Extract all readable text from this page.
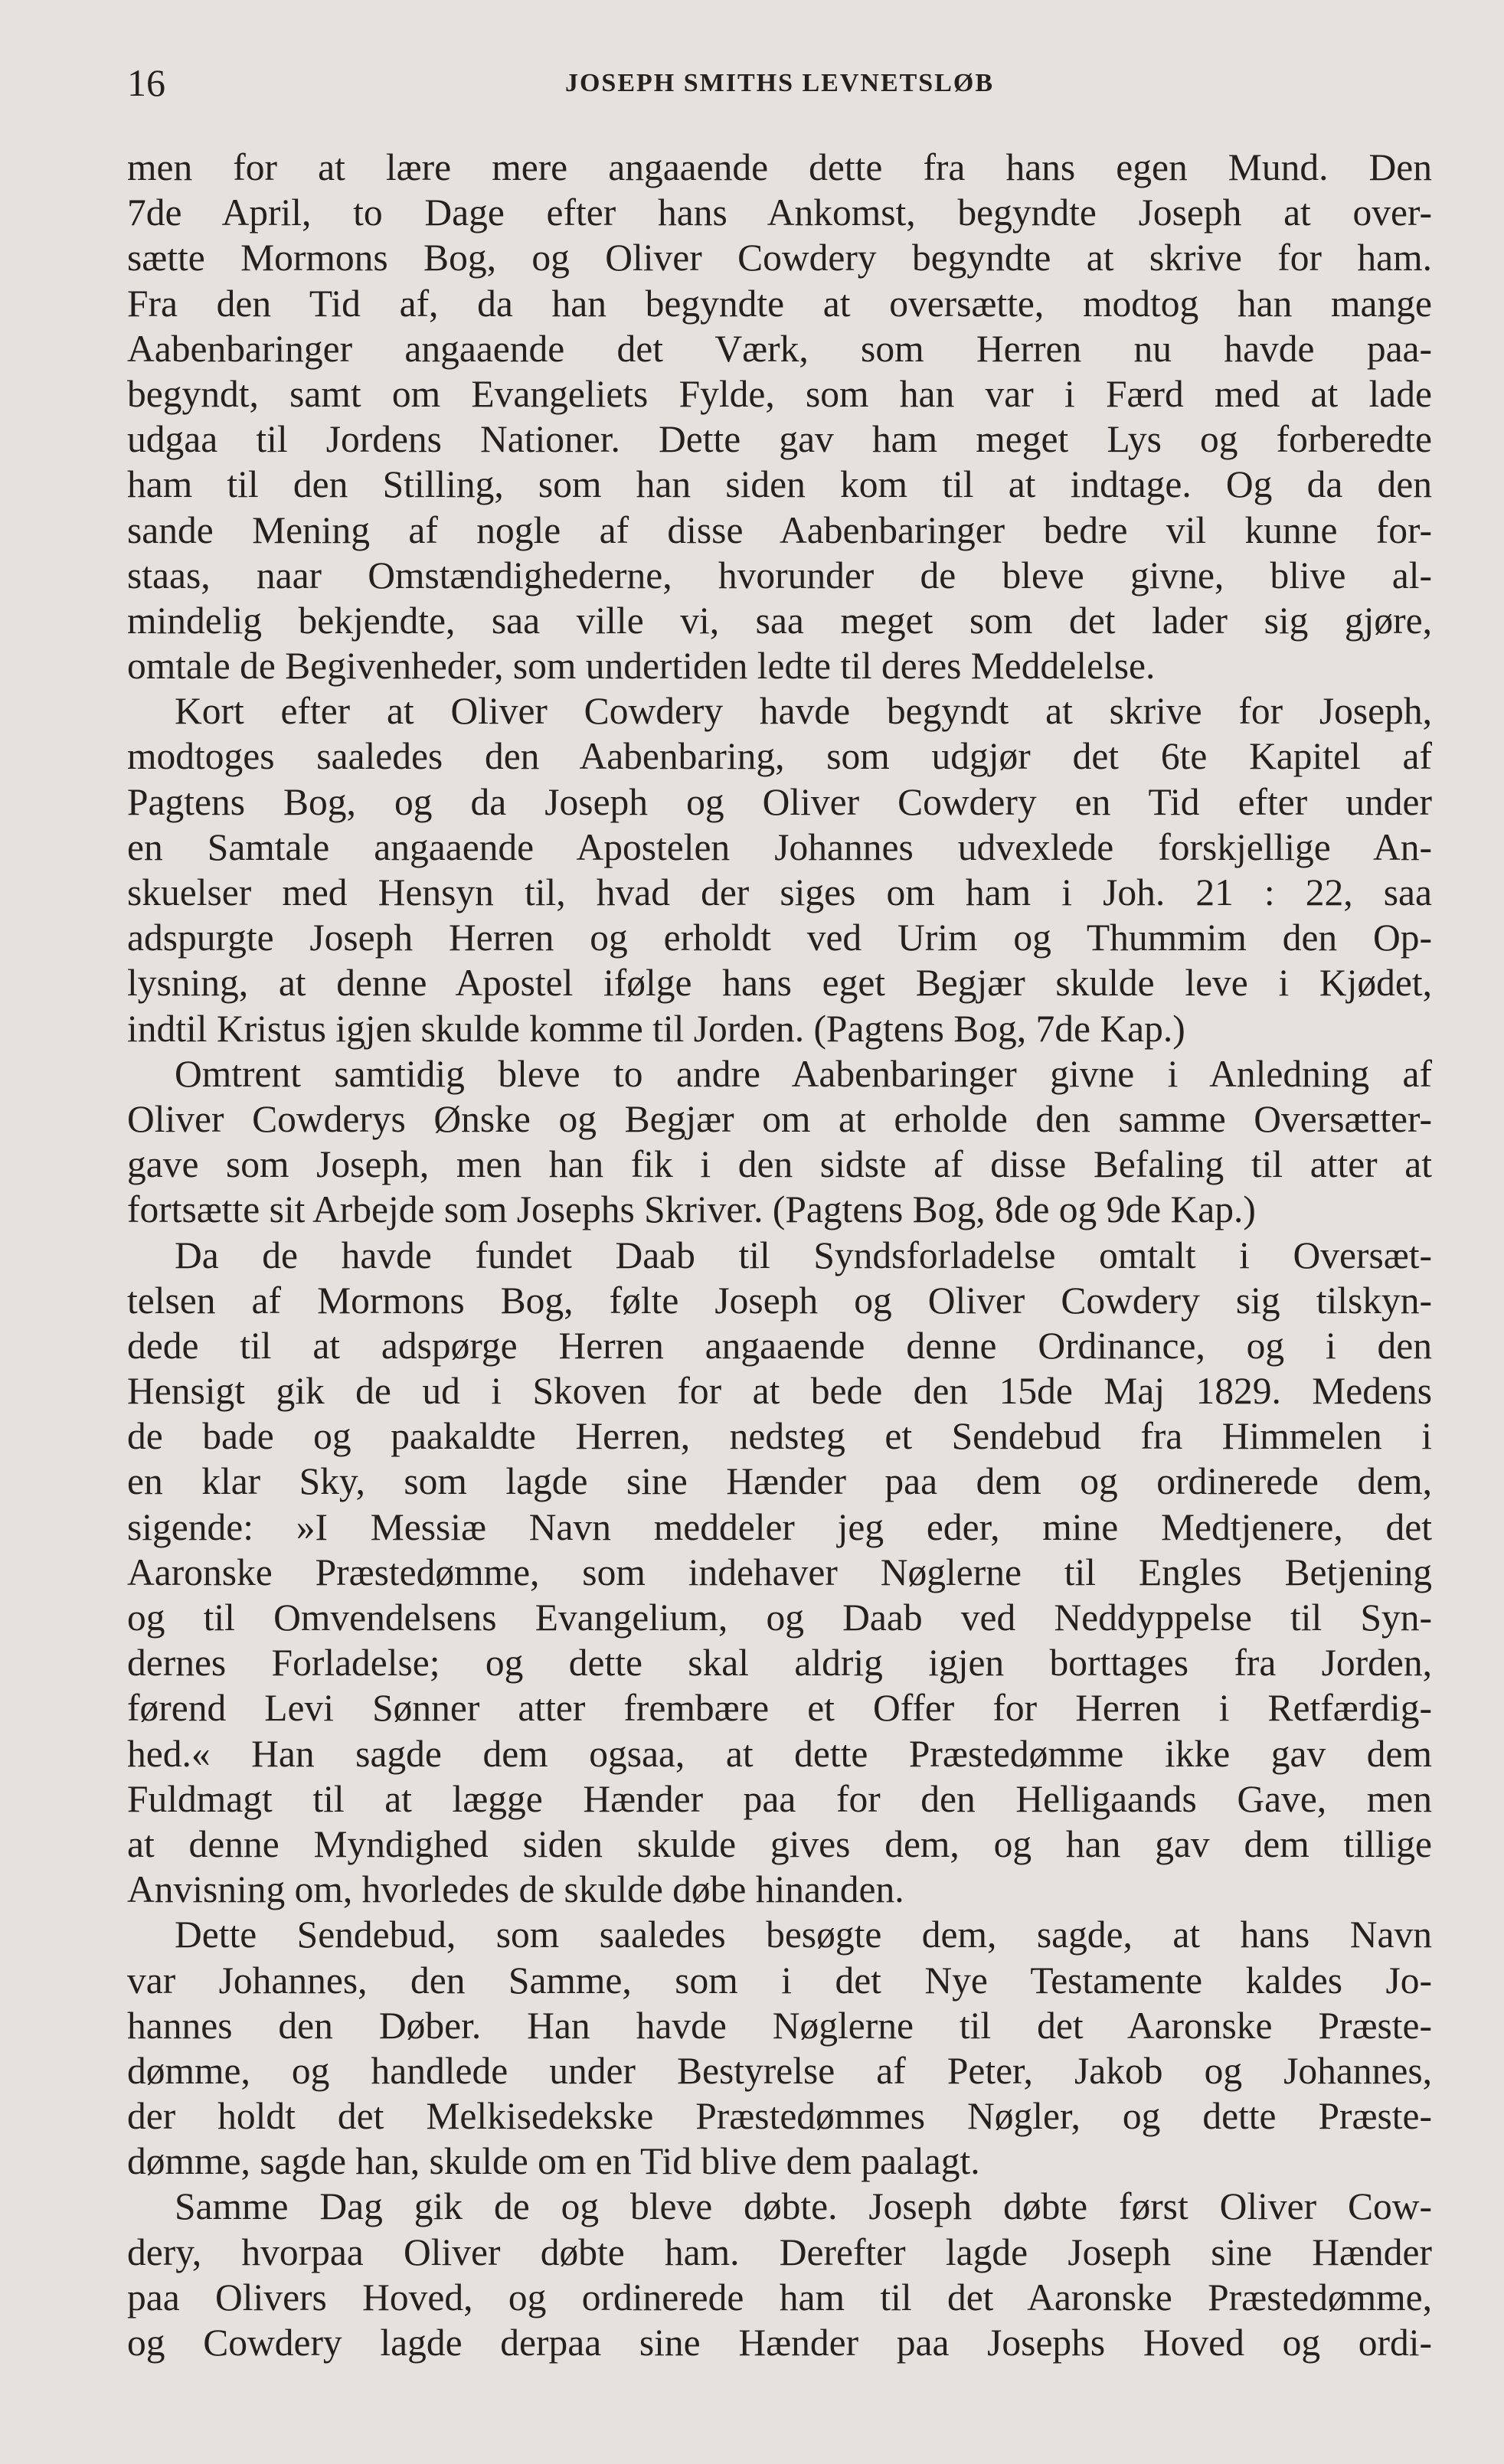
16	JOSEPH SMITHS LEVNETSLØB
men for at lære mere angaaende dette fra hans egen Mund. Den
7de April, to Dage efter hans Ankomst, begyndte Joseph at over-
sætte Mormons Bog, og Oliver Cowdery begyndte at skrive for ham.
Fra den Tid af, da han begyndte at oversætte, modtog han mange
Aabenbaringer angaaende det Værk, som Herren nu havde paa-
begyndt, samt om Evangeliets Fylde, som han var i Færd med at lade
udgaa til Jordens Nationer. Dette gav ham meget Lys og forberedte
ham til den Stilling, som han siden kom til at indtage. Og da den
sande Mening af nogle af disse Aabenbaringer bedre vil kunne for-
staas, naar Omstændighederne, hvorunder de bleve givne, blive al-
mindelig bekjendte, saa ville vi, saa meget som det lader sig gjøre,
omtale de Begivenheder, som undertiden ledte til deres Meddelelse.
Kort efter at Oliver Cowdery havde begyndt at skrive for Joseph,
modtoges saaledes den Aabenbaring, som udgjør det 6te Kapitel af
Pagtens Bog, og da Joseph og Oliver Cowdery en Tid efter under
en Samtale angaaende Apostelen Johannes udvexlede forskjellige An-
skuelser med Hensyn til, hvad der siges om ham i Joh. 21 : 22, saa
adspurgte Joseph Herren og erholdt ved Urim og Thummim den Op-
lysning, at denne Apostel ifølge hans eget Begjær skulde leve i Kjødet,
indtil Kristus igjen skulde komme til Jorden. (Pagtens Bog, 7de Kap.)
Omtrent samtidig bleve to andre Aabenbaringer givne i Anledning af
Oliver Cowderys Ønske og Begjær om at erholde den samme Oversætter-
gave som Joseph, men han fik i den sidste af disse Befaling til atter at
fortsætte sit Arbejde som Josephs Skriver. (Pagtens Bog, 8de og 9de Kap.)
Da de havde fundet Daab til Syndsforladelse omtalt i Oversæt-
telsen af Mormons Bog, følte Joseph og Oliver Cowdery sig tilskyn-
dede til at adspørge Herren angaaende denne Ordinance, og i den
Hensigt gik de ud i Skoven for at bede den 15de Maj 1829. Medens
de bade og paakaldte Herren, nedsteg et Sendebud fra Himmelen i
en klar Sky, som lagde sine Hænder paa dem og ordinerede dem,
sigende: »I Messiæ Navn meddeler jeg eder, mine Medtjenere, det
Aaronske Præstedømme, som indehaver Nøglerne til Engles Betjening
og til Omvendelsens Evangelium, og Daab ved Neddyppelse til Syn-
dernes Forladelse; og dette skal aldrig igjen borttages fra Jorden,
førend Levi Sønner atter frembære et Offer for Herren i Retfærdig-
hed.« Han sagde dem ogsaa, at dette Præstedømme ikke gav dem
Fuldmagt til at lægge Hænder paa for den Helligaands Gave, men
at denne Myndighed siden skulde gives dem, og han gav dem tillige
Anvisning om, hvorledes de skulde døbe hinanden.
Dette Sendebud, som saaledes besøgte dem, sagde, at hans Navn
var Johannes, den Samme, som i det Nye Testamente kaldes Jo-
hannes den Døber. Han havde Nøglerne til det Aaronske Præste-
dømme, og handlede under Bestyrelse af Peter, Jakob og Johannes,
der holdt det Melkisedekske Præstedømmes Nøgler, og dette Præste-
dømme, sagde han, skulde om en Tid blive dem paalagt.
Samme Dag gik de og bleve døbte. Joseph døbte først Oliver Cow-
dery, hvorpaa Oliver døbte ham. Derefter lagde Joseph sine Hænder
paa Olivers Hoved, og ordinerede ham til det Aaronske Præstedømme,
og Cowdery lagde derpaa sine Hænder paa Josephs Hoved og ordi-
